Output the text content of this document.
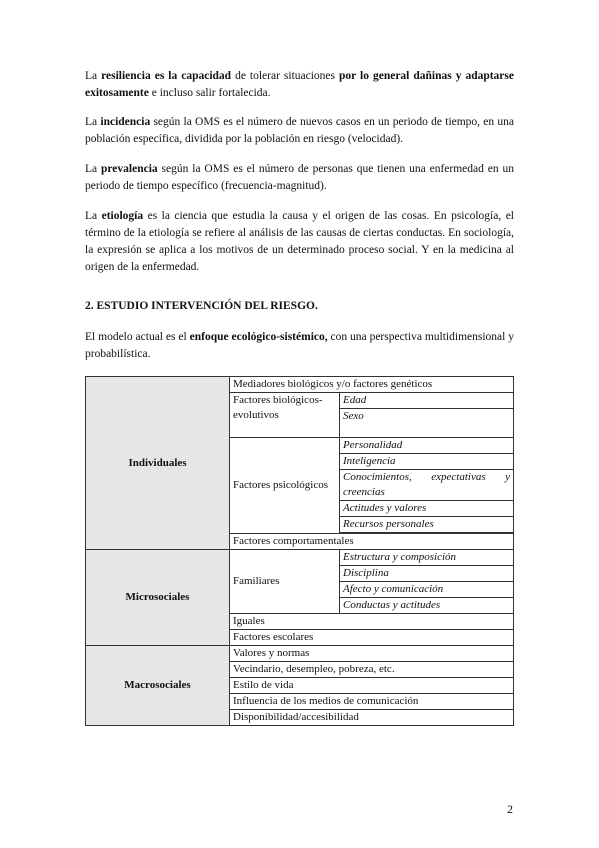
La resiliencia es la capacidad de tolerar situaciones por lo general dañinas y adaptarse exitosamente e incluso salir fortalecida.

La incidencia según la OMS es el número de nuevos casos en un periodo de tiempo, en una población específica, dividida por la población en riesgo (velocidad).

La prevalencia según la OMS es el número de personas que tienen una enfermedad en un periodo de tiempo específico (frecuencia-magnitud).

La etiología es la ciencia que estudia la causa y el origen de las cosas. En psicología, el término de la etiología se refiere al análisis de las causas de ciertas conductas. En sociología, la expresión se aplica a los motivos de un determinado proceso social. Y en la medicina al origen de la enfermedad.

2. ESTUDIO INTERVENCIÓN DEL RIESGO.

El modelo actual es el enfoque ecológico-sistémico, con una perspectiva multidimensional y probabilística.

Individuales	Mediadores biológicos y/o factores genéticos	
	Factores biológicos-evolutivos	Edad
		Sexo
	Factores psicológicos	Personalidad
		Inteligencia
		Conocimientos, expectativas y creencias
		Actitudes y valores
		Recursos personales

	Factores comportamentales	
Microsociales	Familiares	Estructura y composición
		Disciplina
		Afecto y comunicación
		Conductas y actitudes
	Iguales	
	Factores escolares	
Macrosociales	Valores y normas	
	Vecindario, desempleo, pobreza, etc.	
	Estilo de vida	
	Influencia de los medios de comunicación	
	Disponibilidad/accesibilidad	
2
